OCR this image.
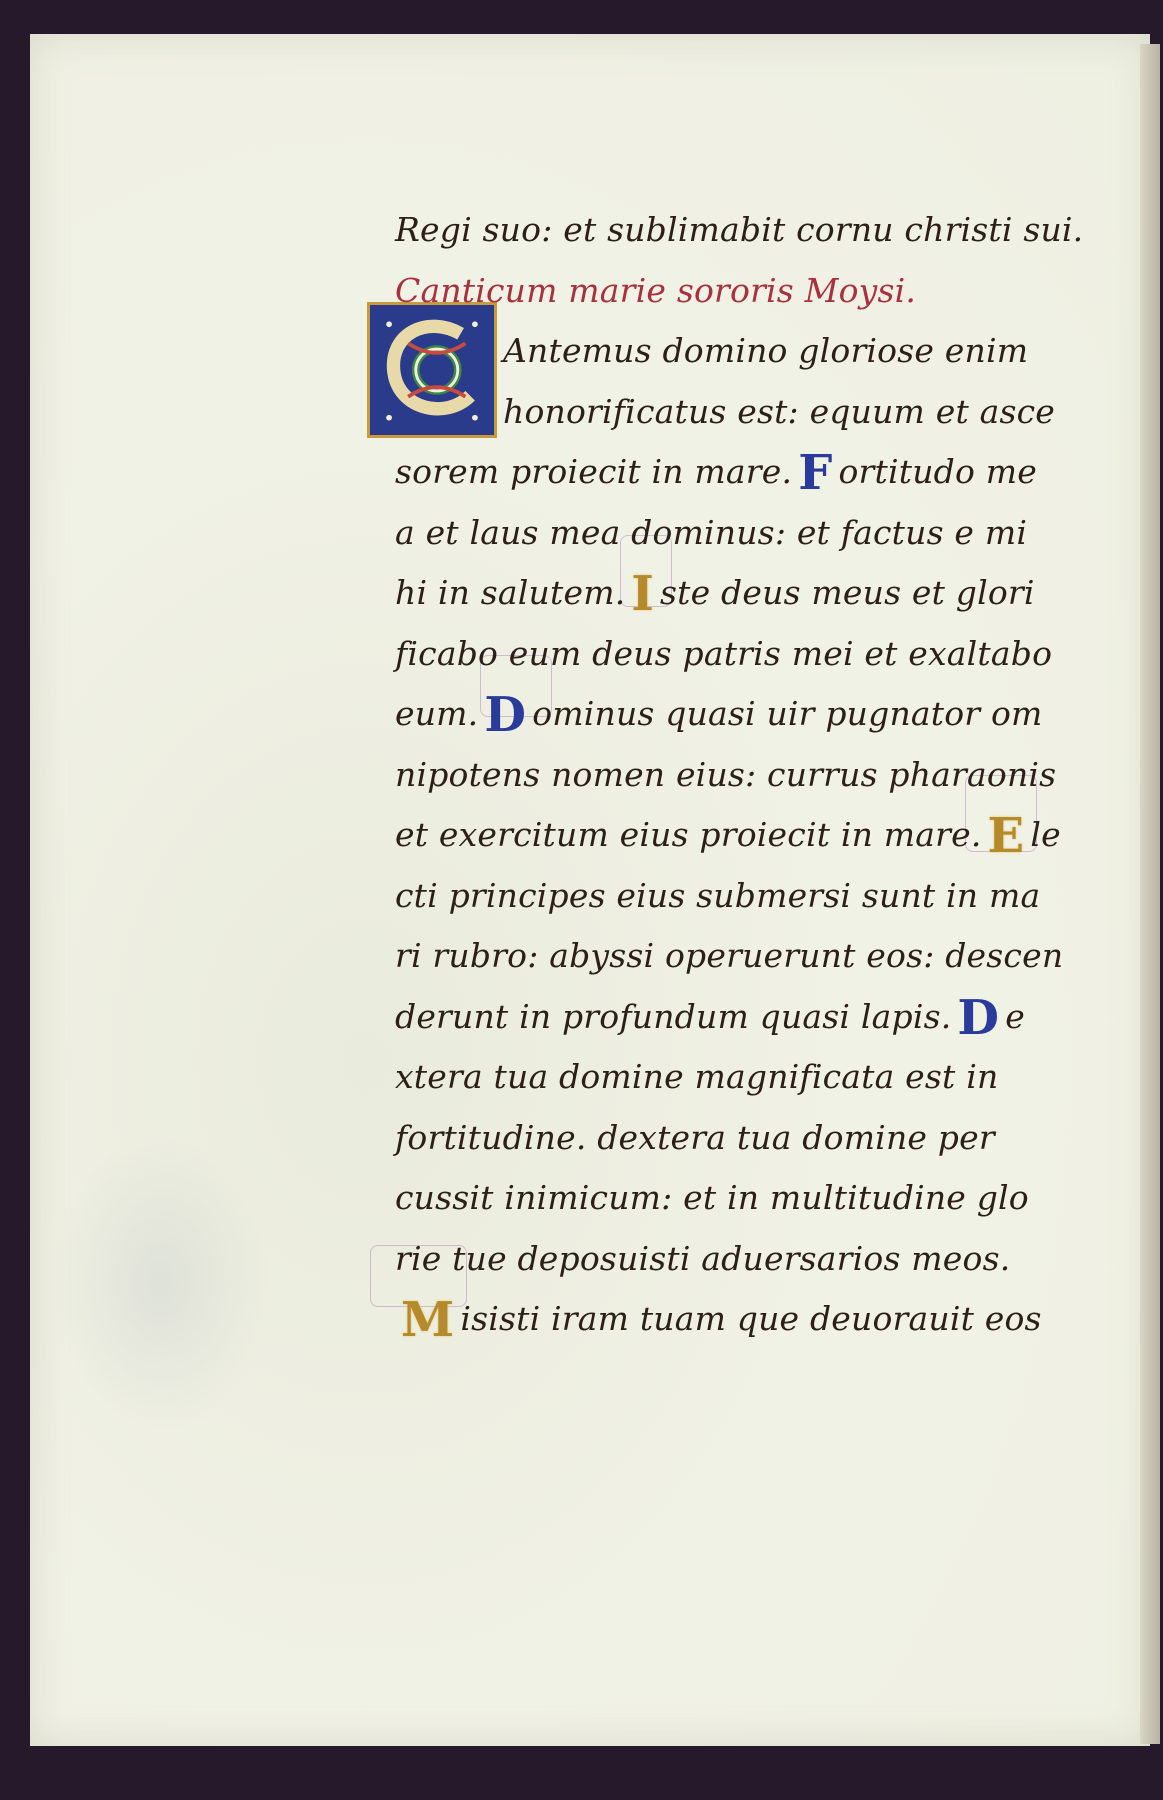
Regi suo: et sublimabit cornu christi sui.
Canticum marie sororis Moysi.
Antemus domino gloriose enim
honorificatus est: equum et asce
sorem proiecit in mare. F ortitudo me
a et laus mea dominus: et factus e mi
hi in salutem. I ste deus meus et glori
ficabo eum deus patris mei et exaltabo
eum. D ominus quasi uir pugnator om
nipotens nomen eius: currus pharaonis
et exercitum eius proiecit in mare. E le
cti principes eius submersi sunt in ma
ri rubro: abyssi operuerunt eos: descen
derunt in profundum quasi lapis. D e
xtera tua domine magnificata est in
fortitudine. dextera tua domine per
cussit inimicum: et in multitudine glo
rie tue deposuisti aduersarios meos.
M isisti iram tuam que deuorauit eos
